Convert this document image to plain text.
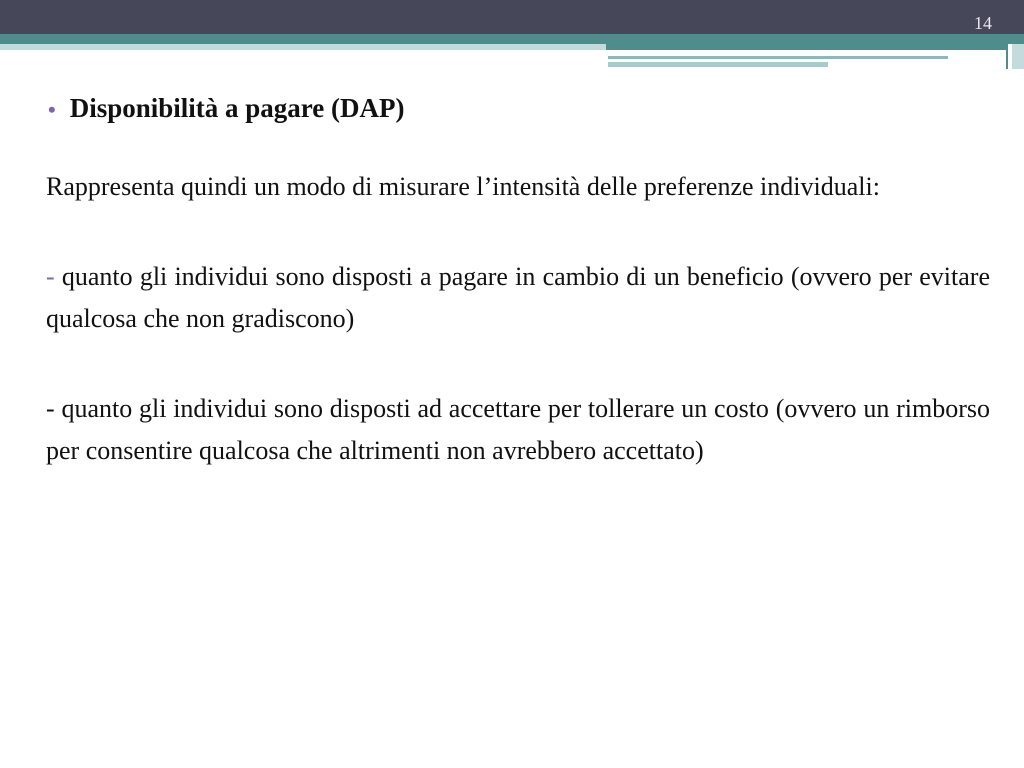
14
• Disponibilità a pagare (DAP)

Rappresenta quindi un modo di misurare l’intensità delle preferenze individuali:

- quanto gli individui sono disposti a pagare in cambio di un beneficio (ovvero per evitare qualcosa che non gradiscono)

- quanto gli individui sono disposti ad accettare per tollerare un costo (ovvero un rimborso per consentire qualcosa che altrimenti non avrebbero accettato)
